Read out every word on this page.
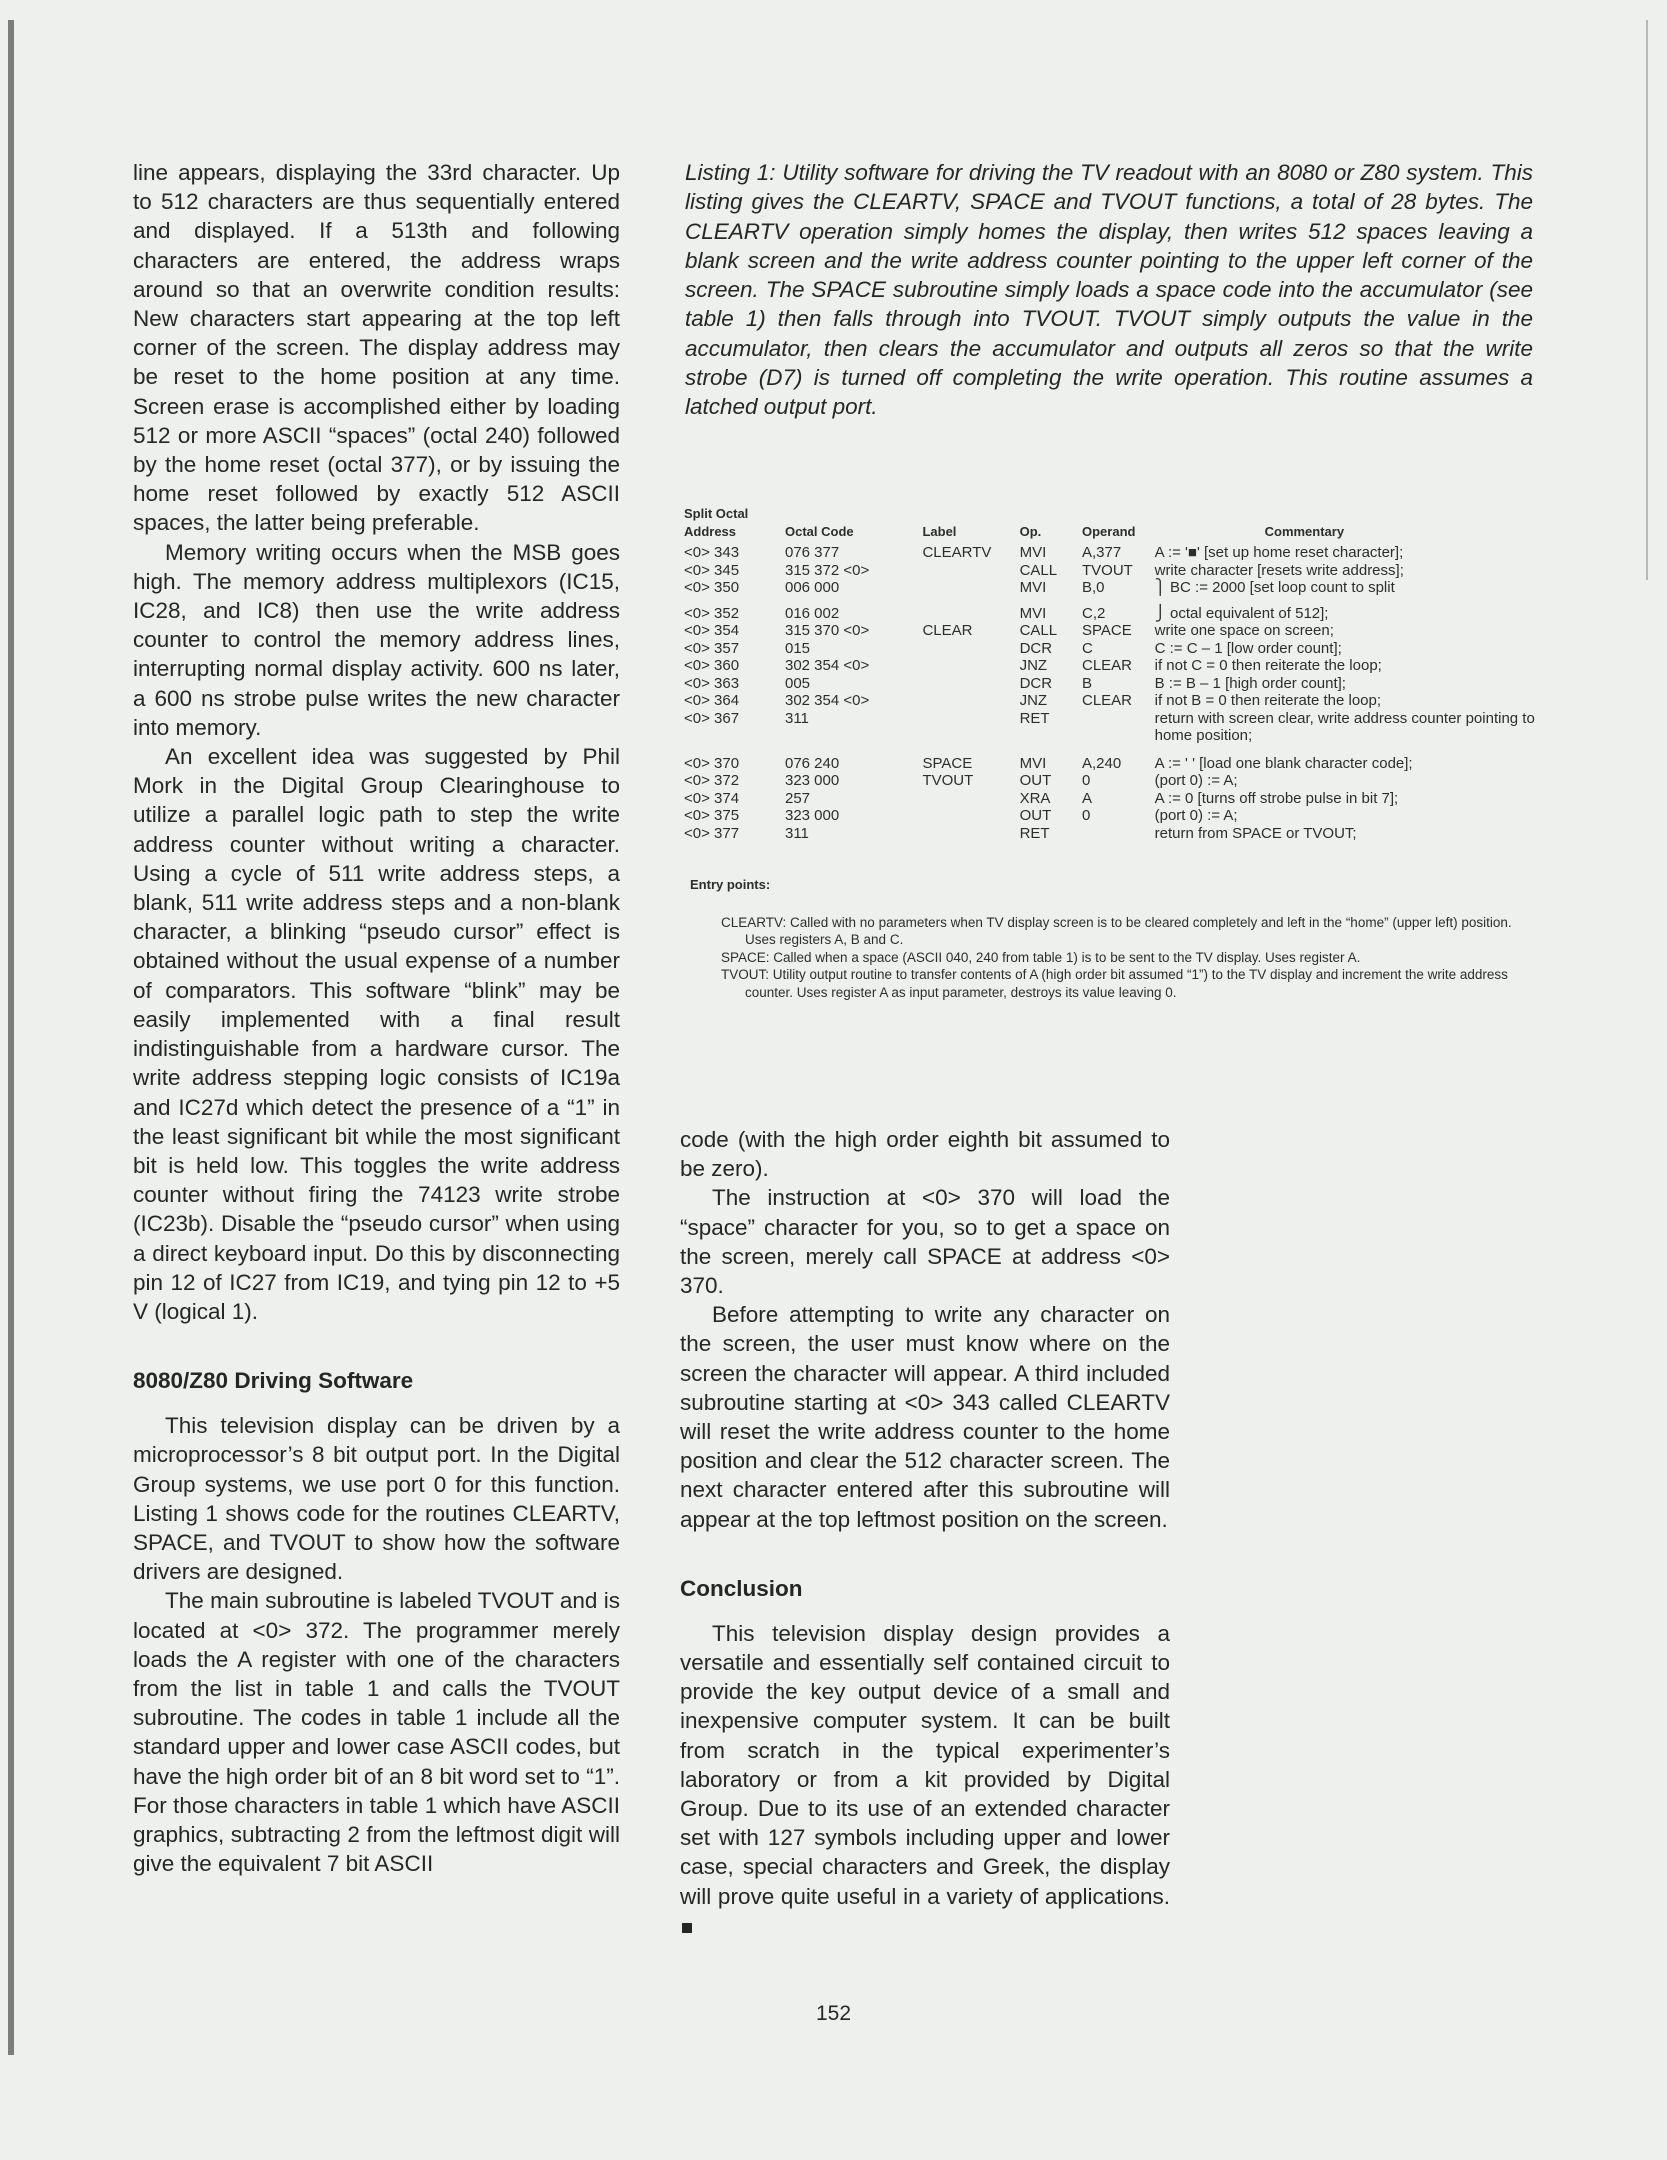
line appears, displaying the 33rd character. Up to 512 characters are thus sequentially entered and displayed. If a 513th and following characters are entered, the address wraps around so that an overwrite condition results: New characters start appearing at the top left corner of the screen. The display address may be reset to the home position at any time. Screen erase is accomplished either by loading 512 or more ASCII “spaces” (octal 240) followed by the home reset (octal 377), or by issuing the home reset followed by exactly 512 ASCII spaces, the latter being preferable.

Memory writing occurs when the MSB goes high. The memory address multiplexors (IC15, IC28, and IC8) then use the write address counter to control the memory address lines, interrupting normal display activity. 600 ns later, a 600 ns strobe pulse writes the new character into memory.

An excellent idea was suggested by Phil Mork in the Digital Group Clearinghouse to utilize a parallel logic path to step the write address counter without writing a character. Using a cycle of 511 write address steps, a blank, 511 write address steps and a non-blank character, a blinking “pseudo cursor” effect is obtained without the usual expense of a number of comparators. This software “blink” may be easily implemented with a final result indistinguishable from a hardware cursor. The write address stepping logic consists of IC19a and IC27d which detect the presence of a “1” in the least significant bit while the most significant bit is held low. This toggles the write address counter without firing the 74123 write strobe (IC23b). Disable the “pseudo cursor” when using a direct keyboard input. Do this by disconnecting pin 12 of IC27 from IC19, and tying pin 12 to +5 V (logical 1).

8080/Z80 Driving Software

This television display can be driven by a microprocessor’s 8 bit output port. In the Digital Group systems, we use port 0 for this function. Listing 1 shows code for the routines CLEARTV, SPACE, and TVOUT to show how the software drivers are designed.

The main subroutine is labeled TVOUT and is located at <0> 372. The programmer merely loads the A register with one of the characters from the list in table 1 and calls the TVOUT subroutine. The codes in table 1 include all the standard upper and lower case ASCII codes, but have the high order bit of an 8 bit word set to “1”. For those characters in table 1 which have ASCII graphics, subtracting 2 from the leftmost digit will give the equivalent 7 bit ASCII

Listing 1: Utility software for driving the TV readout with an 8080 or Z80 system. This listing gives the CLEARTV, SPACE and TVOUT functions, a total of 28 bytes. The CLEARTV operation simply homes the display, then writes 512 spaces leaving a blank screen and the write address counter pointing to the upper left corner of the screen. The SPACE subroutine simply loads a space code into the accumulator (see table 1) then falls through into TVOUT. TVOUT simply outputs the value in the accumulator, then clears the accumulator and outputs all zeros so that the write strobe (D7) is turned off completing the write operation. This routine assumes a latched output port.

Split Octal Address	Octal Code	Label	Op.	Operand	Commentary
<0> 343	076 377	CLEARTV	MVI	A,377	A := '■' [set up home reset character];
<0> 345	315 372 <0>		CALL	TVOUT	write character [resets write address];
<0> 350	006 000		MVI	B,0	⎫ BC := 2000 [set loop count to split
<0> 352	016 002		MVI	C,2	⎭ octal equivalent of 512];
<0> 354	315 370 <0>	CLEAR	CALL	SPACE	write one space on screen;
<0> 357	015		DCR	C	C := C – 1 [low order count];
<0> 360	302 354 <0>		JNZ	CLEAR	if not C = 0 then reiterate the loop;
<0> 363	005		DCR	B	B := B – 1 [high order count];
<0> 364	302 354 <0>		JNZ	CLEAR	if not B = 0 then reiterate the loop;
<0> 367	311		RET		return with screen clear, write address counter pointing to home position;
<0> 370	076 240	SPACE	MVI	A,240	A := ' ' [load one blank character code];
<0> 372	323 000	TVOUT	OUT	0	(port 0) := A;
<0> 374	257		XRA	A	A := 0 [turns off strobe pulse in bit 7];
<0> 375	323 000		OUT	0	(port 0) := A;
<0> 377	311		RET		return from SPACE or TVOUT;
Entry points:

CLEARTV: Called with no parameters when TV display screen is to be cleared completely and left in the “home” (upper left) position. Uses registers A, B and C.

SPACE: Called when a space (ASCII 040, 240 from table 1) is to be sent to the TV display. Uses register A.

TVOUT: Utility output routine to transfer contents of A (high order bit assumed “1”) to the TV display and increment the write address counter. Uses register A as input parameter, destroys its value leaving 0.

code (with the high order eighth bit assumed to be zero).

The instruction at <0> 370 will load the “space” character for you, so to get a space on the screen, merely call SPACE at address <0> 370.

Before attempting to write any character on the screen, the user must know where on the screen the character will appear. A third included subroutine starting at <0> 343 called CLEARTV will reset the write address counter to the home position and clear the 512 character screen. The next character entered after this subroutine will appear at the top leftmost position on the screen.

Conclusion

This television display design provides a versatile and essentially self contained circuit to provide the key output device of a small and inexpensive computer system. It can be built from scratch in the typical experimenter’s laboratory or from a kit provided by Digital Group. Due to its use of an extended character set with 127 symbols including upper and lower case, special characters and Greek, the display will prove quite useful in a variety of applications.

152
